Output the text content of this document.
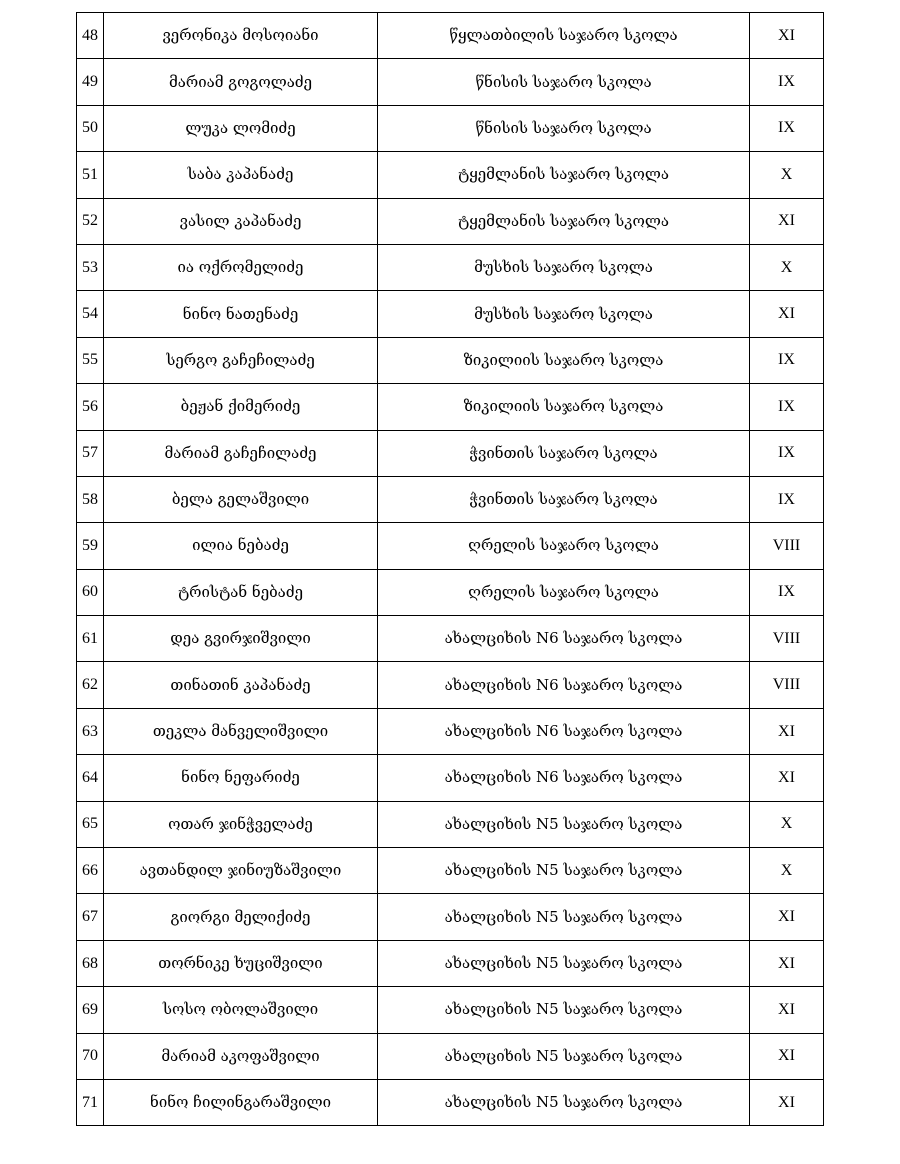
48	ვერონიკა მოსოიანი	წყლათბილის საჯარო სკოლა	XI
49	მარიამ გოგოლაძე	წნისის საჯარო სკოლა	IX
50	ლუკა ლომიძე	წნისის საჯარო სკოლა	IX
51	საბა კაპანაძე	ტყემლანის საჯარო სკოლა	X
52	ვასილ კაპანაძე	ტყემლანის საჯარო სკოლა	XI
53	ია ოქრომელიძე	მუსხის საჯარო სკოლა	X
54	ნინო ნათენაძე	მუსხის საჯარო სკოლა	XI
55	სერგო გაჩეჩილაძე	ზიკილიის საჯარო სკოლა	IX
56	ბეჟან ქიმერიძე	ზიკილიის საჯარო სკოლა	IX
57	მარიამ გაჩეჩილაძე	ჭვინთის საჯარო სკოლა	IX
58	ბელა გელაშვილი	ჭვინთის საჯარო სკოლა	IX
59	ილია ნებაძე	ღრელის საჯარო სკოლა	VIII
60	ტრისტან ნებაძე	ღრელის საჯარო სკოლა	IX
61	დეა გვირჯიშვილი	ახალციხის N6 საჯარო სკოლა	VIII
62	თინათინ კაპანაძე	ახალციხის N6 საჯარო სკოლა	VIII
63	თეკლა მანველიშვილი	ახალციხის N6 საჯარო სკოლა	XI
64	ნინო ნეფარიძე	ახალციხის N6 საჯარო სკოლა	XI
65	ოთარ ჯინჭველაძე	ახალციხის N5 საჯარო სკოლა	X
66	ავთანდილ ჯინიუზაშვილი	ახალციხის N5 საჯარო სკოლა	X
67	გიორგი მელიქიძე	ახალციხის N5 საჯარო სკოლა	XI
68	თორნიკე ხუციშვილი	ახალციხის N5 საჯარო სკოლა	XI
69	სოსო ობოლაშვილი	ახალციხის N5 საჯარო სკოლა	XI
70	მარიამ აკოფაშვილი	ახალციხის N5 საჯარო სკოლა	XI
71	ნინო ჩილინგარაშვილი	ახალციხის N5 საჯარო სკოლა	XI
